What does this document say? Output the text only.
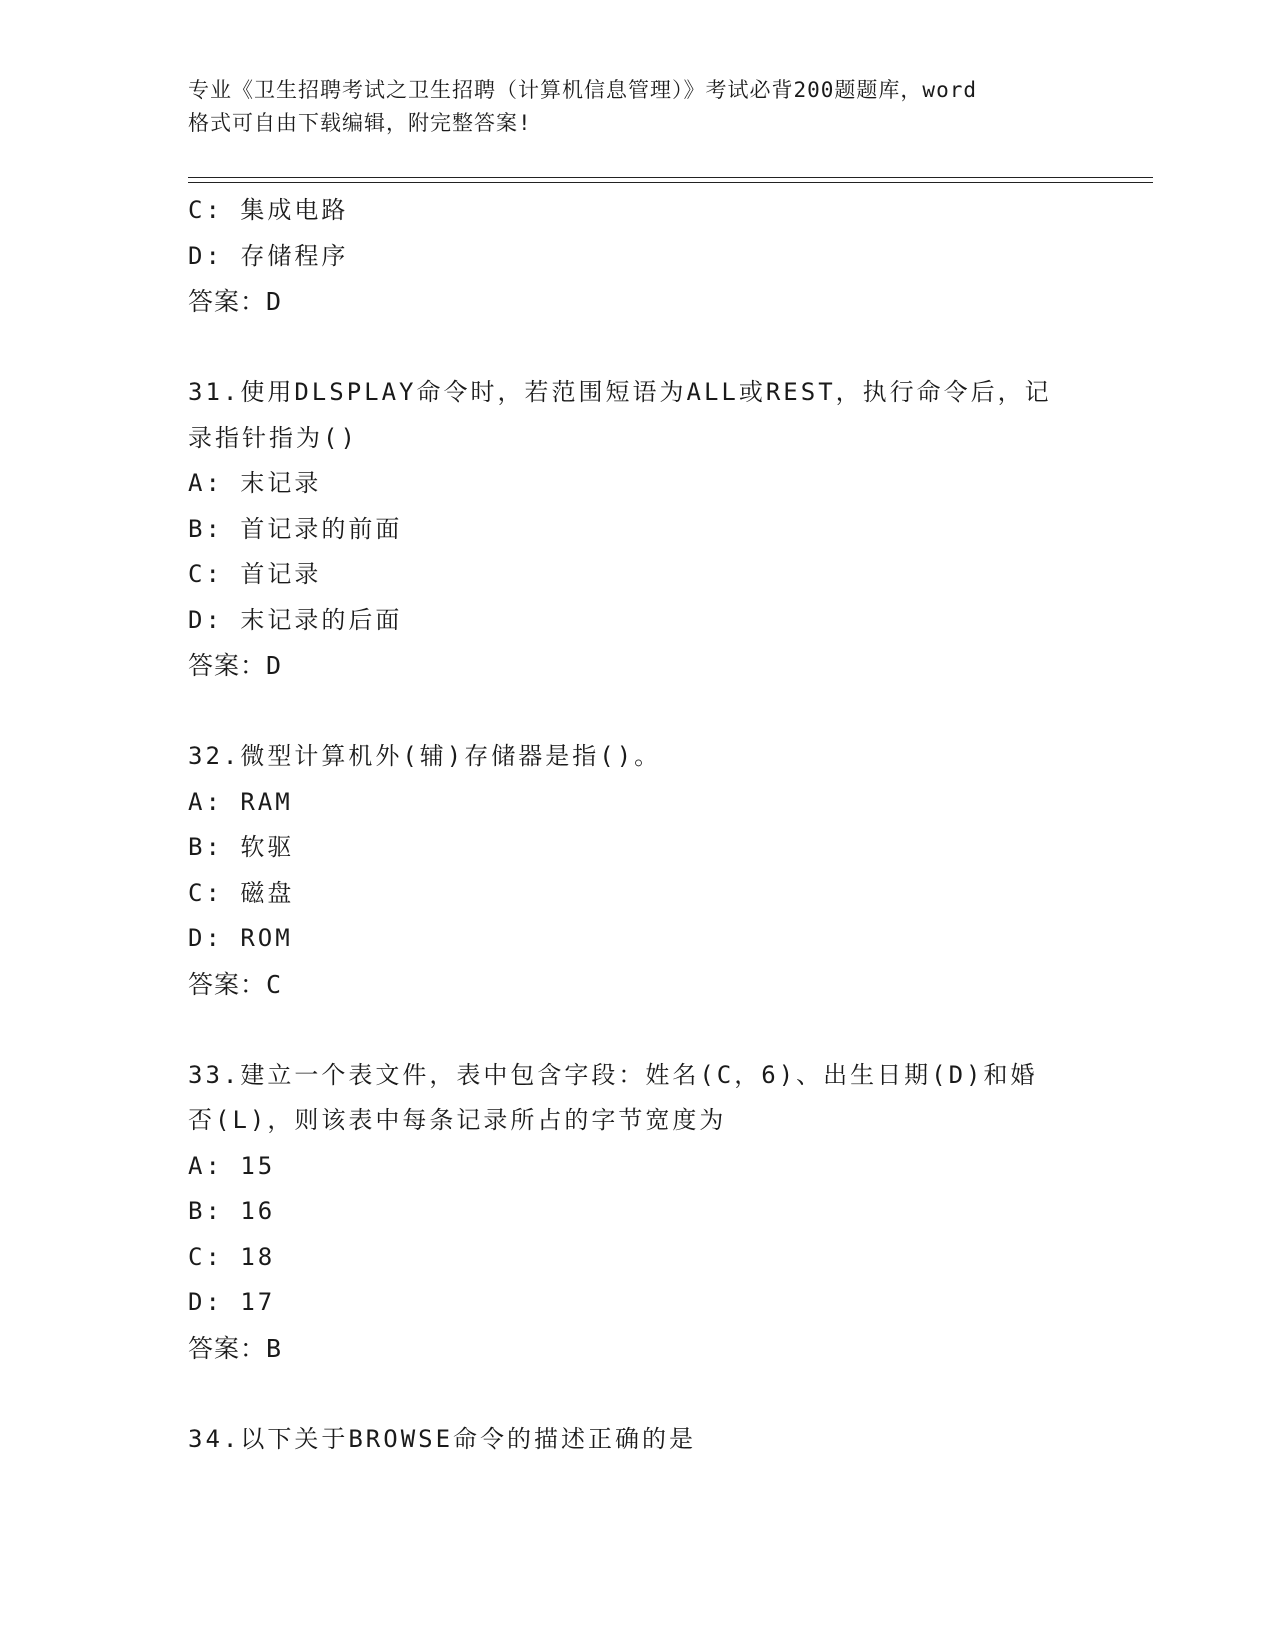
专业《卫生招聘考试之卫生招聘（计算机信息管理）》考试必背200题题库，word
格式可自由下载编辑，附完整答案!
C: 集成电路
D: 存储程序
答案：D
31.使用DLSPLAY命令时，若范围短语为ALL或REST，执行命令后，记
录指针指为()
A: 末记录
B: 首记录的前面
C: 首记录
D: 末记录的后面
答案：D
32.微型计算机外(辅)存储器是指()。
A: RAM
B: 软驱
C: 磁盘
D: ROM
答案：C
33.建立一个表文件，表中包含字段：姓名(C，6)、出生日期(D)和婚
否(L)，则该表中每条记录所占的字节宽度为
A: 15
B: 16
C: 18
D: 17
答案：B
34.以下关于BROWSE命令的描述正确的是
